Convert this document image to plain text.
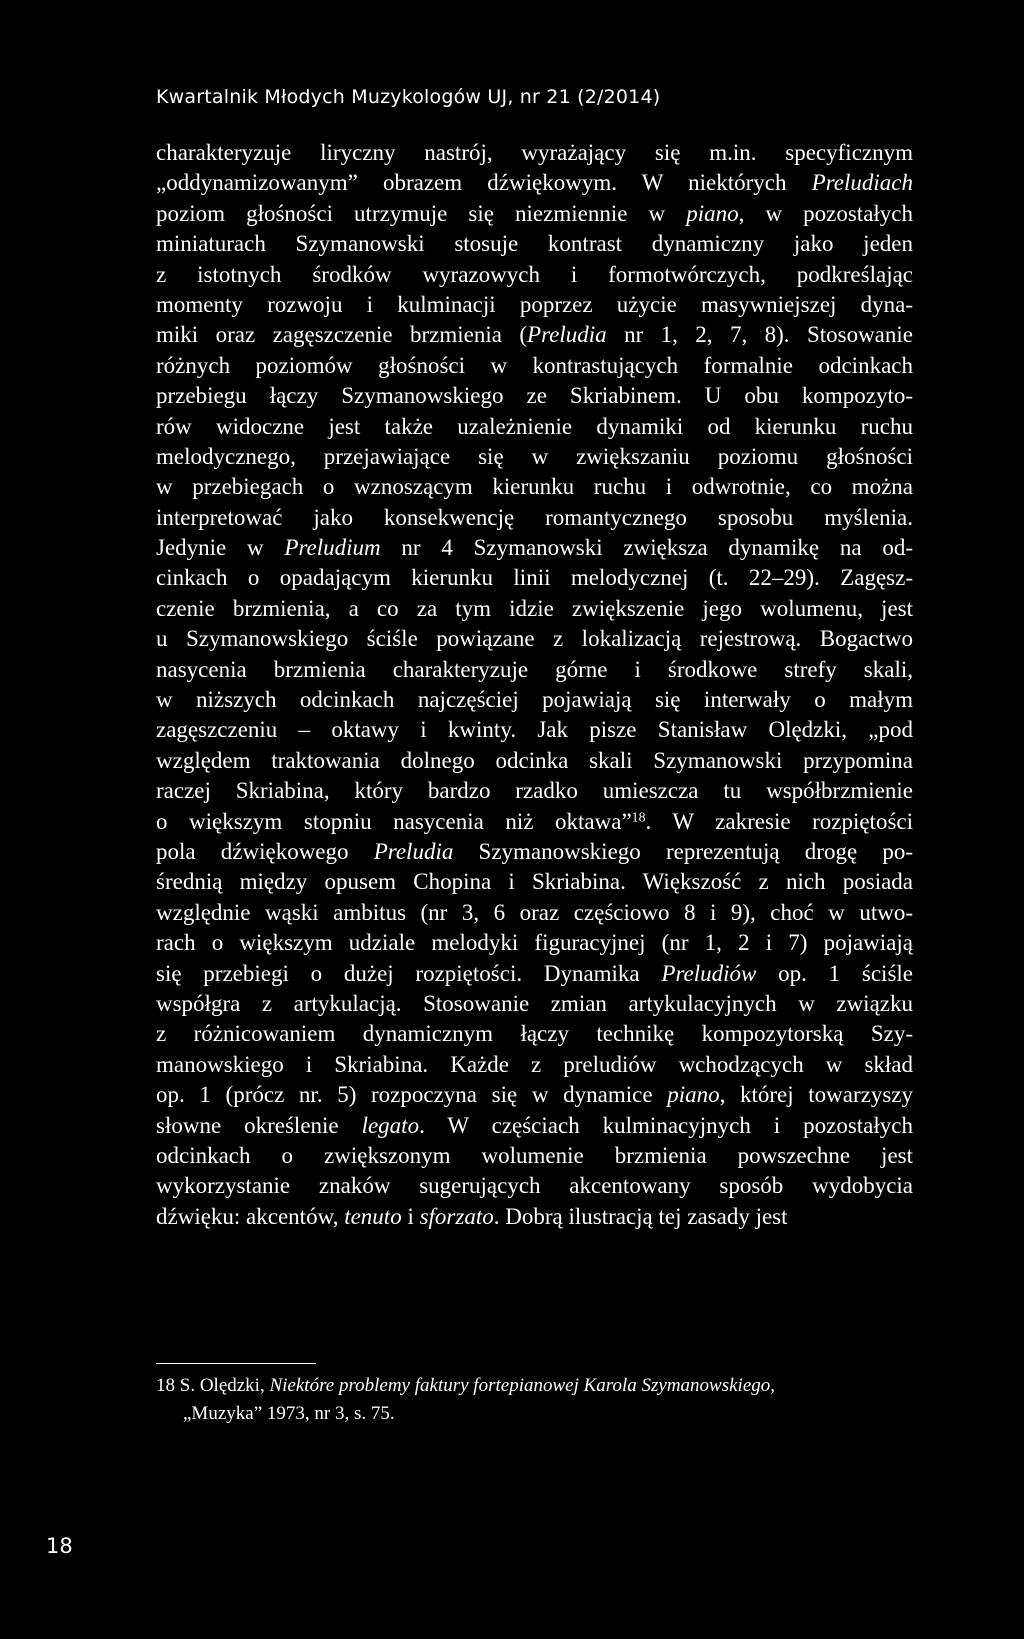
Kwartalnik Młodych Muzykologów UJ, nr 21 (2/2014)
charakteryzuje liryczny nastrój, wyrażający się m.in. specyficznym
„oddynamizowanym” obrazem dźwiękowym. W niektórych Preludiach
poziom głośności utrzymuje się niezmiennie w piano, w pozostałych
miniaturach Szymanowski stosuje kontrast dynamiczny jako jeden
z istotnych środków wyrazowych i formotwórczych, podkreślając
momenty rozwoju i kulminacji poprzez użycie masywniejszej dyna-
miki oraz zagęszczenie brzmienia (Preludia nr 1, 2, 7, 8). Stosowanie
różnych poziomów głośności w kontrastujących formalnie odcinkach
przebiegu łączy Szymanowskiego ze Skriabinem. U obu kompozyto-
rów widoczne jest także uzależnienie dynamiki od kierunku ruchu
melodycznego, przejawiające się w zwiększaniu poziomu głośności
w przebiegach o wznoszącym kierunku ruchu i odwrotnie, co można
interpretować jako konsekwencję romantycznego sposobu myślenia.
Jedynie w Preludium nr 4 Szymanowski zwiększa dynamikę na od-
cinkach o opadającym kierunku linii melodycznej (t. 22–29). Zagęsz-
czenie brzmienia, a co za tym idzie zwiększenie jego wolumenu, jest
u Szymanowskiego ściśle powiązane z lokalizacją rejestrową. Bogactwo
nasycenia brzmienia charakteryzuje górne i środkowe strefy skali,
w niższych odcinkach najczęściej pojawiają się interwały o małym
zagęszczeniu – oktawy i kwinty. Jak pisze Stanisław Olędzki, „pod
względem traktowania dolnego odcinka skali Szymanowski przypomina
raczej Skriabina, który bardzo rzadko umieszcza tu współbrzmienie
o większym stopniu nasycenia niż oktawa”$^{18}$. W zakresie rozpiętości
pola dźwiękowego Preludia Szymanowskiego reprezentują drogę po-
średnią między opusem Chopina i Skriabina. Większość z nich posiada
względnie wąski ambitus (nr 3, 6 oraz częściowo 8 i 9), choć w utwo-
rach o większym udziale melodyki figuracyjnej (nr 1, 2 i 7) pojawiają
się przebiegi o dużej rozpiętości. Dynamika Preludiów op. 1 ściśle
współgra z artykulacją. Stosowanie zmian artykulacyjnych w związku
z różnicowaniem dynamicznym łączy technikę kompozytorską Szy-
manowskiego i Skriabina. Każde z preludiów wchodzących w skład
op. 1 (prócz nr. 5) rozpoczyna się w dynamice piano, której towarzyszy
słowne określenie legato. W częściach kulminacyjnych i pozostałych
odcinkach o zwiększonym wolumenie brzmienia powszechne jest
wykorzystanie znaków sugerujących akcentowany sposób wydobycia
dźwięku: akcentów, tenuto i sforzato. Dobrą ilustracją tej zasady jest
18 S. Olędzki, Niektóre problemy faktury fortepianowej Karola Szymanowskiego,
„Muzyka” 1973, nr 3, s. 75.
18
